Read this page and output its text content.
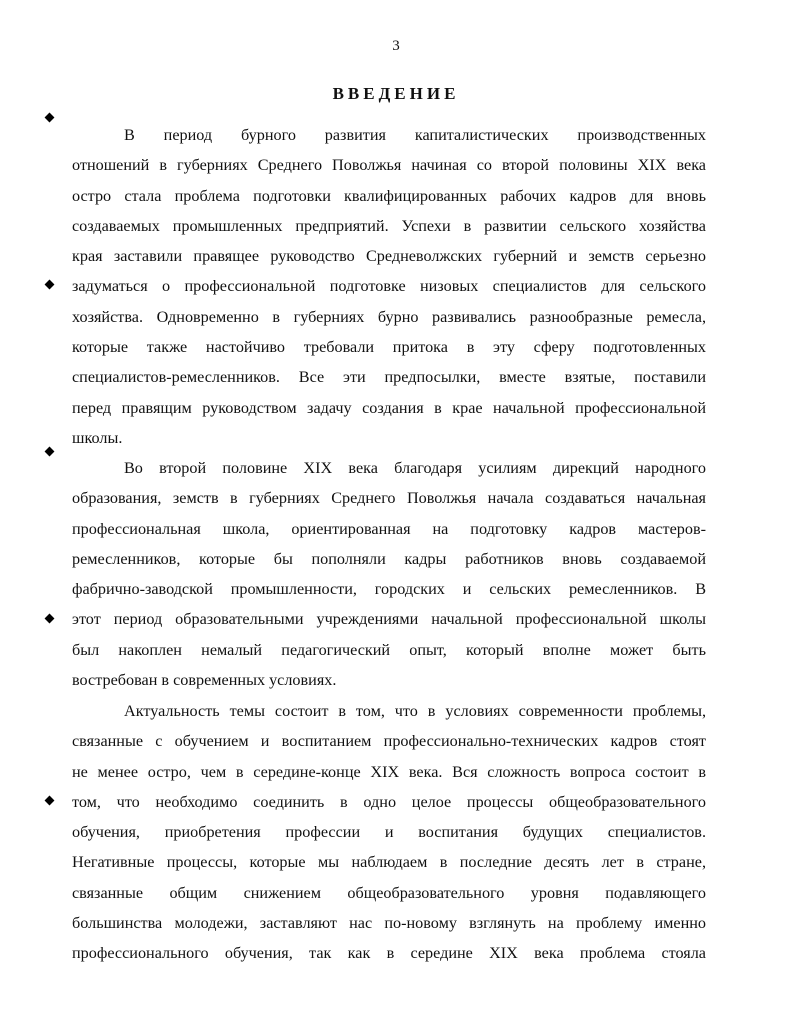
3
ВВЕДЕНИЕ
В период бурного развития капиталистических производственных
отношений в губерниях Среднего Поволжья начиная со второй половины XIX века
остро стала проблема подготовки квалифицированных рабочих кадров для вновь
создаваемых промышленных предприятий. Успехи в развитии сельского хозяйства
края заставили правящее руководство Средневолжских губерний и земств серьезно
задуматься о профессиональной подготовке низовых специалистов для сельского
хозяйства. Одновременно в губерниях бурно развивались разнообразные ремесла,
которые также настойчиво требовали притока в эту сферу подготовленных
специалистов-ремесленников. Все эти предпосылки, вместе взятые, поставили
перед правящим руководством задачу создания в крае начальной профессиональной
школы.
Во второй половине XIX века благодаря усилиям дирекций народного
образования, земств в губерниях Среднего Поволжья начала создаваться начальная
профессиональная школа, ориентированная на подготовку кадров мастеров-
ремесленников, которые бы пополняли кадры работников вновь создаваемой
фабрично-заводской промышленности, городских и сельских ремесленников. В
этот период образовательными учреждениями начальной профессиональной школы
был накоплен немалый педагогический опыт, который вполне может быть
востребован в современных условиях.
Актуальность темы состоит в том, что в условиях современности проблемы,
связанные с обучением и воспитанием профессионально-технических кадров стоят
не менее остро, чем в середине-конце XIX века. Вся сложность вопроса состоит в
том, что необходимо соединить в одно целое процессы общеобразовательного
обучения, приобретения профессии и воспитания будущих специалистов.
Негативные процессы, которые мы наблюдаем в последние десять лет в стране,
связанные общим снижением общеобразовательного уровня подавляющего
большинства молодежи, заставляют нас по-новому взглянуть на проблему именно
профессионального обучения, так как в середине XIX века проблема стояла
